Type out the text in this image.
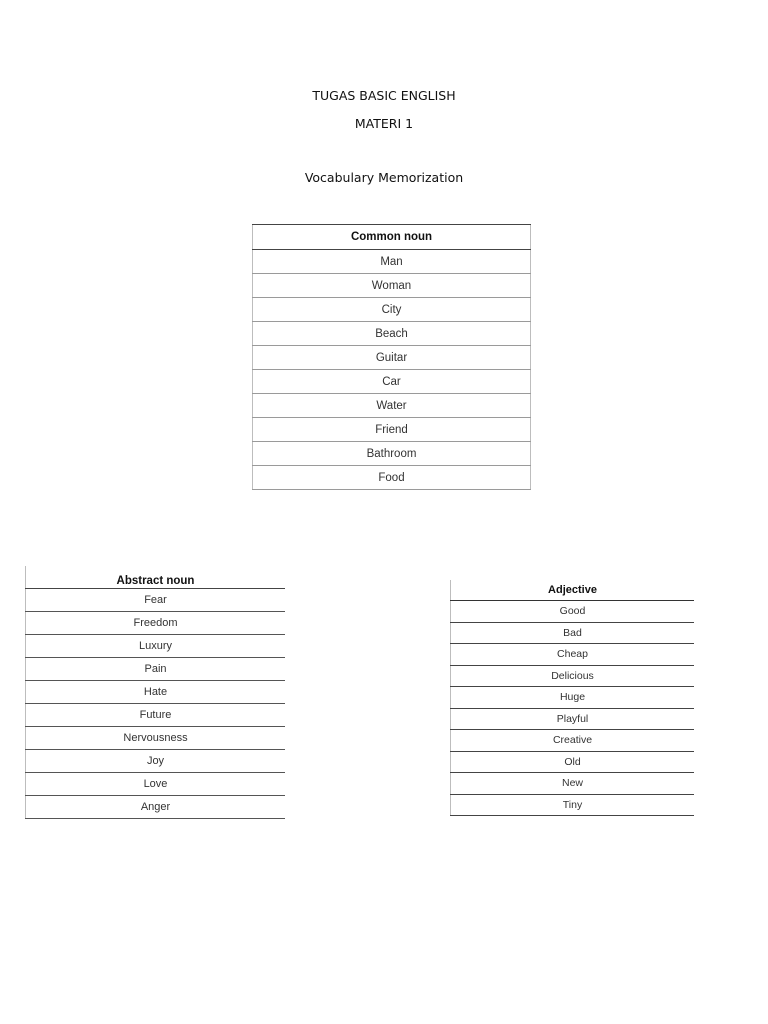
TUGAS BASIC ENGLISH

MATERI 1

Vocabulary Memorization

Common noun
Man
Woman
City
Beach
Guitar
Car
Water
Friend
Bathroom
Food
Abstract noun
Fear
Freedom
Luxury
Pain
Hate
Future
Nervousness
Joy
Love
Anger
Adjective
Good
Bad
Cheap
Delicious
Huge
Playful
Creative
Old
New
Tiny
